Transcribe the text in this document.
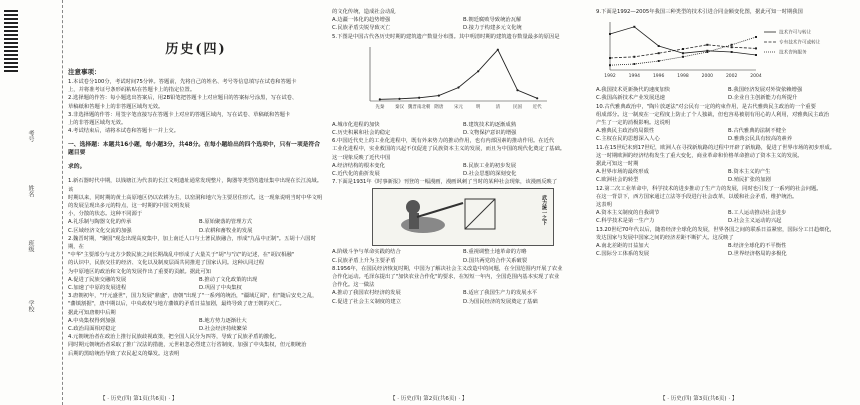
考号
姓名
班级
学校
历史(四)
注意事项：

1.本试卷分100分，考试时间75分钟。答题前，先将自己的姓名、考号等信息填写在试卷和答题卡

上，并将准考证号条形码粘贴在答题卡上的指定位置。

2.选择题的作答：每小题选出答案后，用2B铅笔把答题卡上对应题目的答案标号涂黑，写在试卷、

草稿纸和答题卡上的非答题区域均无效。

3.非选择题的作答：用签字笔直接写在答题卡上对应的答题区域内，写在试卷、草稿纸和答题卡

上的非答题区域均无效。

4.考试结束后，请将本试卷和答题卡一并上交。

一、选择题：本题共16小题，每小题3分，共48分。在每小题给出的四个选项中，只有一项是符合题目要

求的。

1.新石器时代中期，以钱塘江为代表的长江文明遗址通常发现整片，陶器等类型的遗址集中出现在长江流域。该

时期以来，同时期的黄土高原地区仍以农耕为主，以窑洞和地穴为主要居住形式。这一现象说明当时中华文明

的发展呈现出多元的特点，这一时期的中国文明发展

小，分散的状态。这种不同源于

A.礼乐制与陶器文化的传承	B.原始聚落的管理方式

C.区域经济文化交流的加强	D.农耕和畜牧业的发展

2.魏晋时期，"聚国"观念出现高度集中，加上南迁人口与土著民族融合，形成"九品中正制"。五胡十六国时期，在

"中华"主要部分与北方少数民族之间长期战乱中形成了大量关于"胡"与"汉"的记述，在"胡汉相融"

的认识中，民族交往的经济、文化以及制度层面共同推进了国家认同。这种认同过程

为中原地区的政治和文化的发展作出了重要的贡献。据此可知

A.促进了民族交融的发展	B.推动了文化政策的出现

C.加速了中原的发展进程	D.巩固了中央集权

3.唐朝初年，"开元盛世"，国力发展"鼎盛"，唐朝"出现了"一系列的统治，"疆域辽阔"，但"随后安史之乱，

"藩镇割据"，唐中期以后，中央政权与地方藩镇的矛盾日益加剧，最终导致了唐王朝的灭亡。

据此可知唐朝中后期

A.中央集权得到加强	B.地方势力逐渐壮大

C.政治局面相对稳定	D.社会经济持续繁荣

4.元朝统治者在政治上推行民族歧视政策，把全国人民分为四等，导致了民族矛盾的激化。

同时期元朝统治者采取了推广汉法的措施，元世祖忽必烈建立行省制度，加强了中央集权，但元朝统治

后期的黑暗统治导致了农民起义的爆发。这表明

的文化传统，造成社会动乱

A.边疆一体化的趋势增强	B.朝廷腐败导致统治瓦解

C.民族矛盾尖锐导致灭亡	D.接力于构建多元文化统

5.下图是中国古代各历史时期的建筑遗产数量分布图。其中明清时期的建筑遗存数量最多的原因是

先秦 秦汉 魏晋南北朝 隋唐 宋元	明	清	民国 近代

A.城市化进程的加快	B.建筑技术的逐渐成熟

C.历史积累和社会的稳定	D.文物保护意识的增强

6.中国近代史上的工业化进程中，既有外来势力的推动作用，也有内部因素的推动作用。在近代

工业化进程中，实业救国的兴起不仅促进了民族资本主义的发展，而且为中国的现代化奠定了基础。

这一现象反映了近代中国

A.经济结构的根本变化	B.民族工业的初步发展

C.近代化的曲折发展	D.社会思想的深刻变化

7.下面是1931年《时事新报》刊登的一幅漫画，漫画讽刺了当时的某种社会现象，该漫画反映了

武力统一之下

A.阶级斗争与革命实践的结合	B.重视调整土地革命的方略

C.民族矛盾上升为主要矛盾	D.国共两党的合作关系破裂

8.1956年，在国民经济恢复时期，中国为了解决社会主义改造中的问题，在全国范围内开展了农业

合作化运动。毛泽东提出了"加快农业合作化"的要求，在短短一年内，全国范围内基本实现了农业

合作化。这一做法

A.推动了我国农村经济的发展	B.适应了我国生产力的发展水平

C.促进了社会主义制度的建立	D.为国民经济的发展奠定了基础

9.下面是1992—2005年我国三种类型的技术引进合同金额变化图，据此可知一时期我国

1992	1994	1996	1998	2000	2002	2004
技术许可与转让
专有技术许可或转让
技术咨询服务

A.我国技术更新换代的速度加快	B.我国经济发展对外资依赖增强

C.我国高新技术产业发展迅速	D.企业自主创新能力有所提升

10.古代雅典政治中，"陶片放逐法"对公民有一定的约束作用，是古代雅典民主政治的一个重要

组成部分。这一制度在一定程度上防止了个人独裁，但也容易被别有用心的人利用，对雅典民主政治

产生了一定的消极影响。这说明

A.雅典民主政治的局限性	B.古代雅典的法制不健全

C.主权在民的思想深入人心	D.雅典公民具有较高的素养

11.在15世纪末到17世纪，欧洲人在寻找新航路的过程中开辟了新航路，促进了世界市场的初步形成。

这一时期欧洲的经济结构发生了重大变化，商业革命和价格革命推动了资本主义的发展。

据此可知这一时期

A.世界市场的最终形成	B.资本主义的产生

C.欧洲社会的转型	D.殖民扩张的加剧

12.第二次工业革命中，科学技术的进步推动了生产力的发展，同时也引发了一系列的社会问题。

在这一背景下，西方国家通过立法等手段进行社会改革，以缓和社会矛盾，维护统治。

这表明

A.资本主义制度的自我调节	B.工人运动推动社会进步

C.科学技术是第一生产力	D.社会主义运动的兴起

13.20世纪70年代以后，随着经济全球化的发展，世界各国之间的联系日益紧密，国际分工日趋细化，

发达国家与发展中国家之间的经济差距不断扩大。这反映了

A.南北差距的日益加大	B.经济全球化的不平衡性

C.国际分工体系的发展	D.世界经济格局的多极化

【 · 历史(四) 第1页(共6页) · 】	【 · 历史(四) 第2页(共6页) · 】	【 · 历史(四) 第3页(共6页) · 】
